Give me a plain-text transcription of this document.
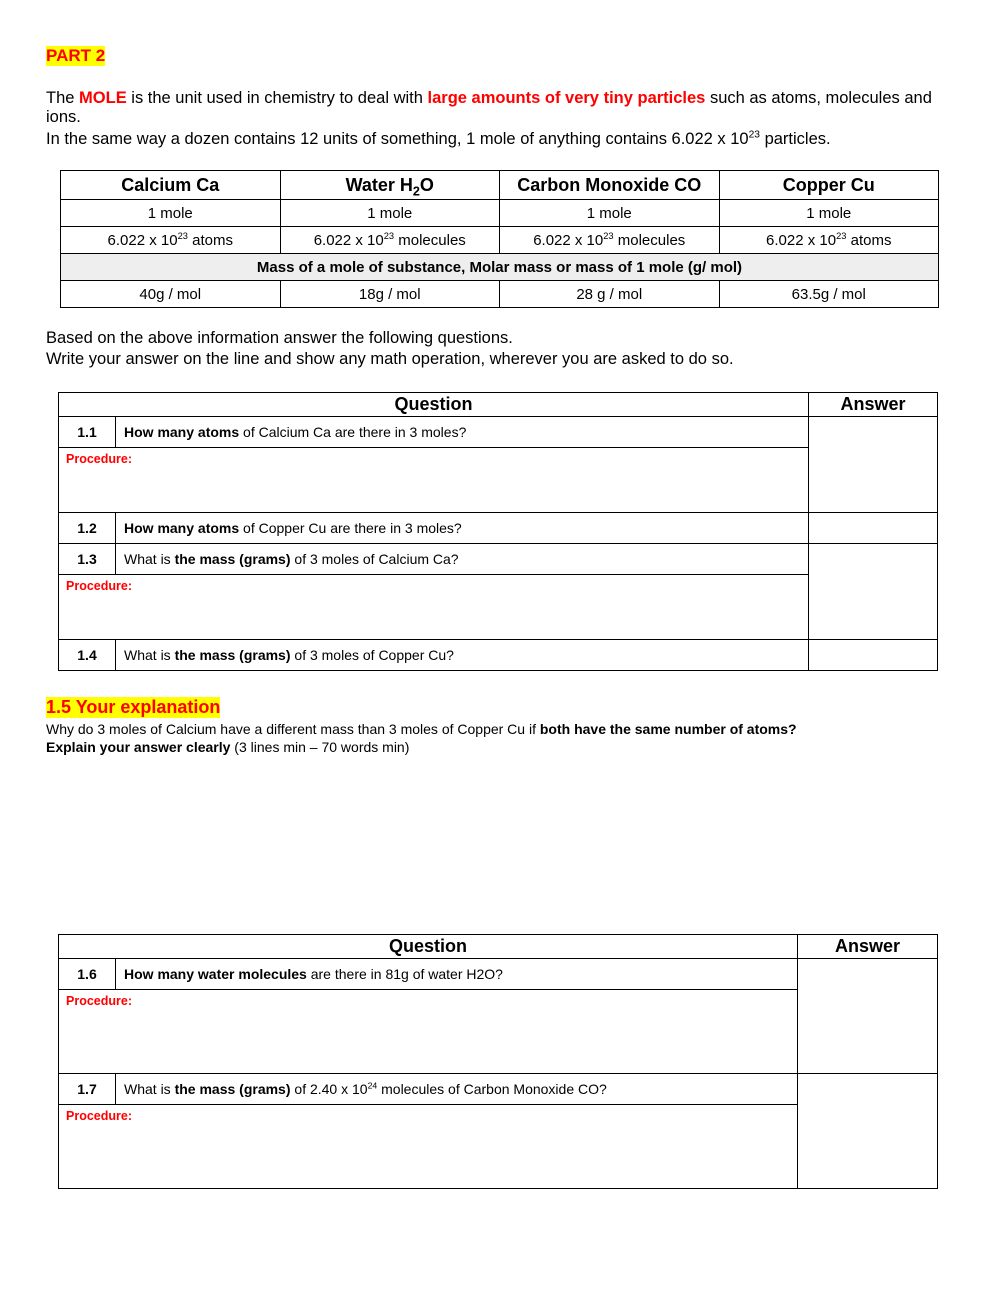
PART 2
The MOLE is the unit used in chemistry to deal with large amounts of very tiny particles such as atoms, molecules and ions.
In the same way a dozen contains 12 units of something, 1 mole of anything contains 6.022 x $10^{23}$ particles.
Calcium Ca	Water $H_2O$	Carbon Monoxide CO	Copper Cu
1 mole	1 mole	1 mole	1 mole
6.022 x $10^{23}$ atoms	6.022 x $10^{23}$ molecules	6.022 x $10^{23}$ molecules	6.022 x $10^{23}$ atoms
Mass of a mole of substance, Molar mass or mass of 1 mole (g/ mol)			
40g / mol	18g / mol	28 g / mol	63.5g / mol
Based on the above information answer the following questions.
Write your answer on the line and show any math operation, wherever you are asked to do so.
Question		Answer
1.1	How many atoms of Calcium Ca are there in 3 moles?	
Procedure:		
1.2	How many atoms of Copper Cu are there in 3 moles?	
1.3	What is the mass (grams) of 3 moles of Calcium Ca?	
Procedure:		
1.4	What is the mass (grams) of 3 moles of Copper Cu?	
1.5 Your explanation
Why do 3 moles of Calcium have a different mass than 3 moles of Copper Cu if both have the same number of atoms?
Explain your answer clearly (3 lines min – 70 words min)
Question		Answer
1.6	How many water molecules are there in 81g of water H2O?	
Procedure:		
1.7	What is the mass (grams) of 2.40 x $10^{24}$ molecules of Carbon Monoxide CO?	
Procedure:		
